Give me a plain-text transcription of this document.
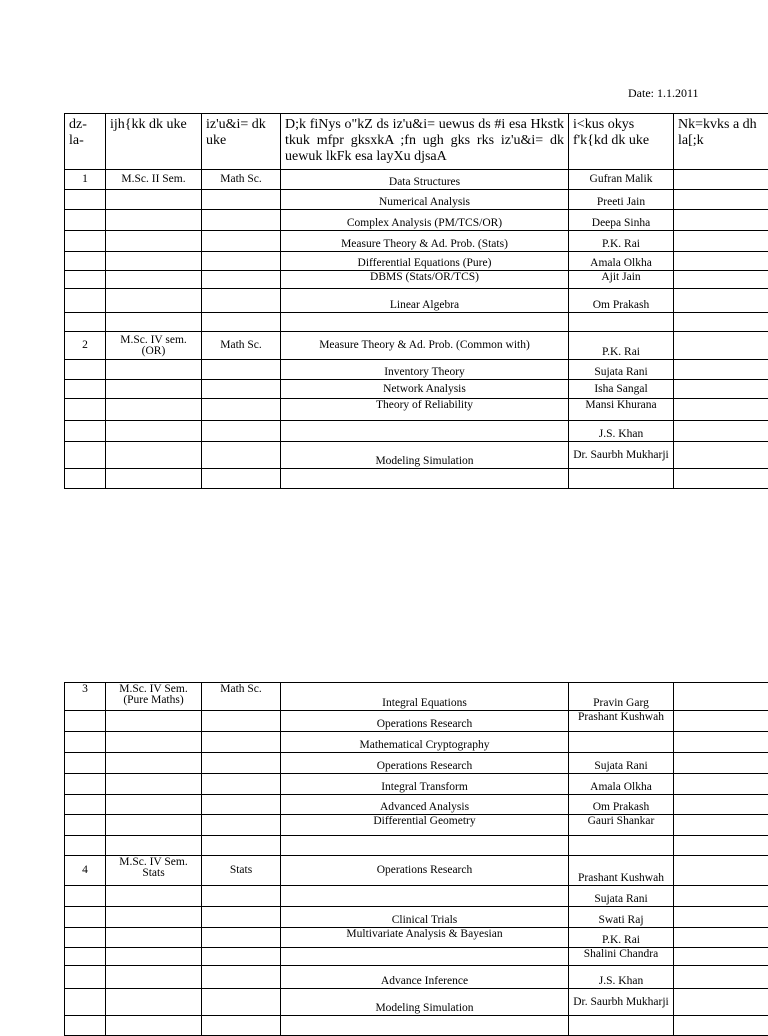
Date: 1.1.2011
dz- la-	ijh{kk dk uke	iz'u&i= dk uke	D;k fiNys o"kZ ds iz'u&i= uewus ds #i esa Hkstk tkuk mfpr gksxkA ;fn ugh gks rks iz'u&i= dk uewuk lkFk esa layXu djsaA	i<kus okys f'k{kd dk uke	Nk=kvks a dh la[;k
1	M.Sc. II Sem.	Math Sc.	Data Structures	Gufran Malik	
			Numerical Analysis	Preeti Jain	
			Complex Analysis (PM/TCS/OR)	Deepa Sinha	
			Measure Theory & Ad. Prob. (Stats)	P.K. Rai	
			Differential Equations (Pure)	Amala Olkha	
			DBMS (Stats/OR/TCS)	Ajit Jain	
			Linear Algebra	Om Prakash	

2	M.Sc. IV sem. (OR)	Math Sc.	Measure Theory & Ad. Prob. (Common with)	P.K. Rai	
			Inventory Theory	Sujata Rani	
			Network Analysis	Isha Sangal	
			Theory of Reliability	Mansi Khurana	
				J.S. Khan	
			Modeling Simulation	Dr. Saurbh Mukharji	

3	M.Sc. IV Sem. (Pure Maths)	Math Sc.	Integral Equations	Pravin Garg	
			Operations Research	Prashant Kushwah	
			Mathematical Cryptography		
			Operations Research	Sujata Rani	
			Integral Transform	Amala Olkha	
			Advanced Analysis	Om Prakash	
			Differential Geometry	Gauri Shankar	

4	M.Sc. IV Sem. Stats	Stats	Operations Research	Prashant Kushwah	
				Sujata Rani	
			Clinical Trials	Swati Raj	
			Multivariate Analysis & Bayesian	P.K. Rai	
				Shalini Chandra	
			Advance Inference	J.S. Khan	
			Modeling Simulation	Dr. Saurbh Mukharji	
